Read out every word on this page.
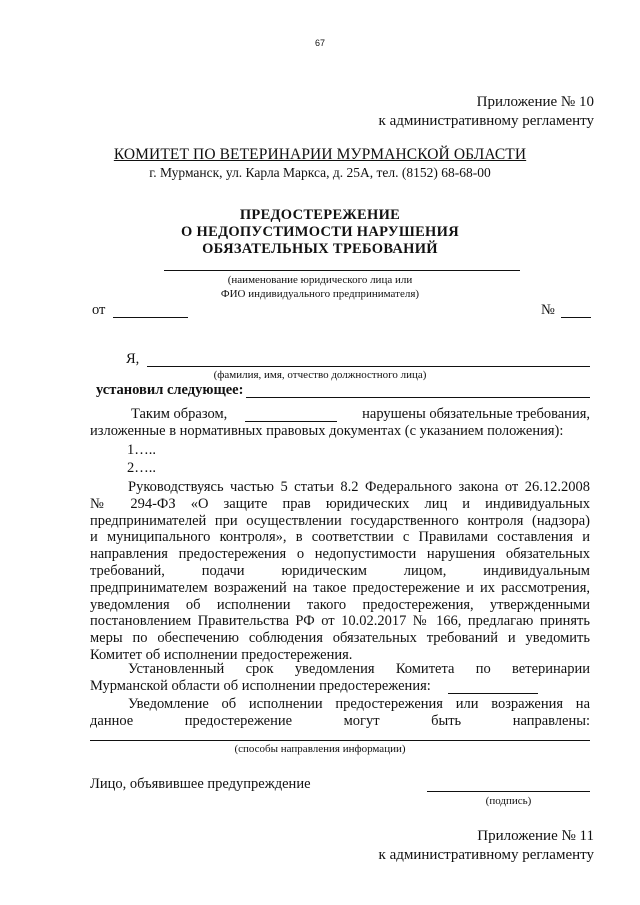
67
Приложение № 10
к административному регламенту
КОМИТЕТ ПО ВЕТЕРИНАРИИ МУРМАНСКОЙ ОБЛАСТИ
г. Мурманск, ул. Карла Маркса, д. 25А, тел. (8152) 68-68-00
ПРЕДОСТЕРЕЖЕНИЕ
О НЕДОПУСТИМОСТИ НАРУШЕНИЯ
ОБЯЗАТЕЛЬНЫХ ТРЕБОВАНИЙ
(наименование юридического лица или
ФИО индивидуального предпринимателя)
от	№
Я,
(фамилия, имя, отчество должностного лица)
установил следующее:
Таким образом,	нарушены обязательные требования,
изложенные в нормативных правовых документах (с указанием положения):
1…..
2…..
Руководствуясь частью 5 статьи 8.2 Федерального закона от 26.12.2008
№ 294-ФЗ «О защите прав юридических лиц и индивидуальных
предпринимателей при осуществлении государственного контроля (надзора)
и муниципального контроля», в соответствии с Правилами составления и
направления предостережения о недопустимости нарушения обязательных
требований, подачи юридическим лицом, индивидуальным
предпринимателем возражений на такое предостережение и их рассмотрения,
уведомления об исполнении такого предостережения, утвержденными
постановлением Правительства РФ от 10.02.2017 № 166, предлагаю принять
меры по обеспечению соблюдения обязательных требований и уведомить
Комитет об исполнении предостережения.
Установленный срок уведомления Комитета по ветеринарии
Мурманской области об исполнении предостережения:
Уведомление об исполнении предостережения или возражения на
данное предостережение могут быть направлены:
(способы направления информации)
Лицо, объявившее предупреждение
(подпись)
Приложение № 11
к административному регламенту
